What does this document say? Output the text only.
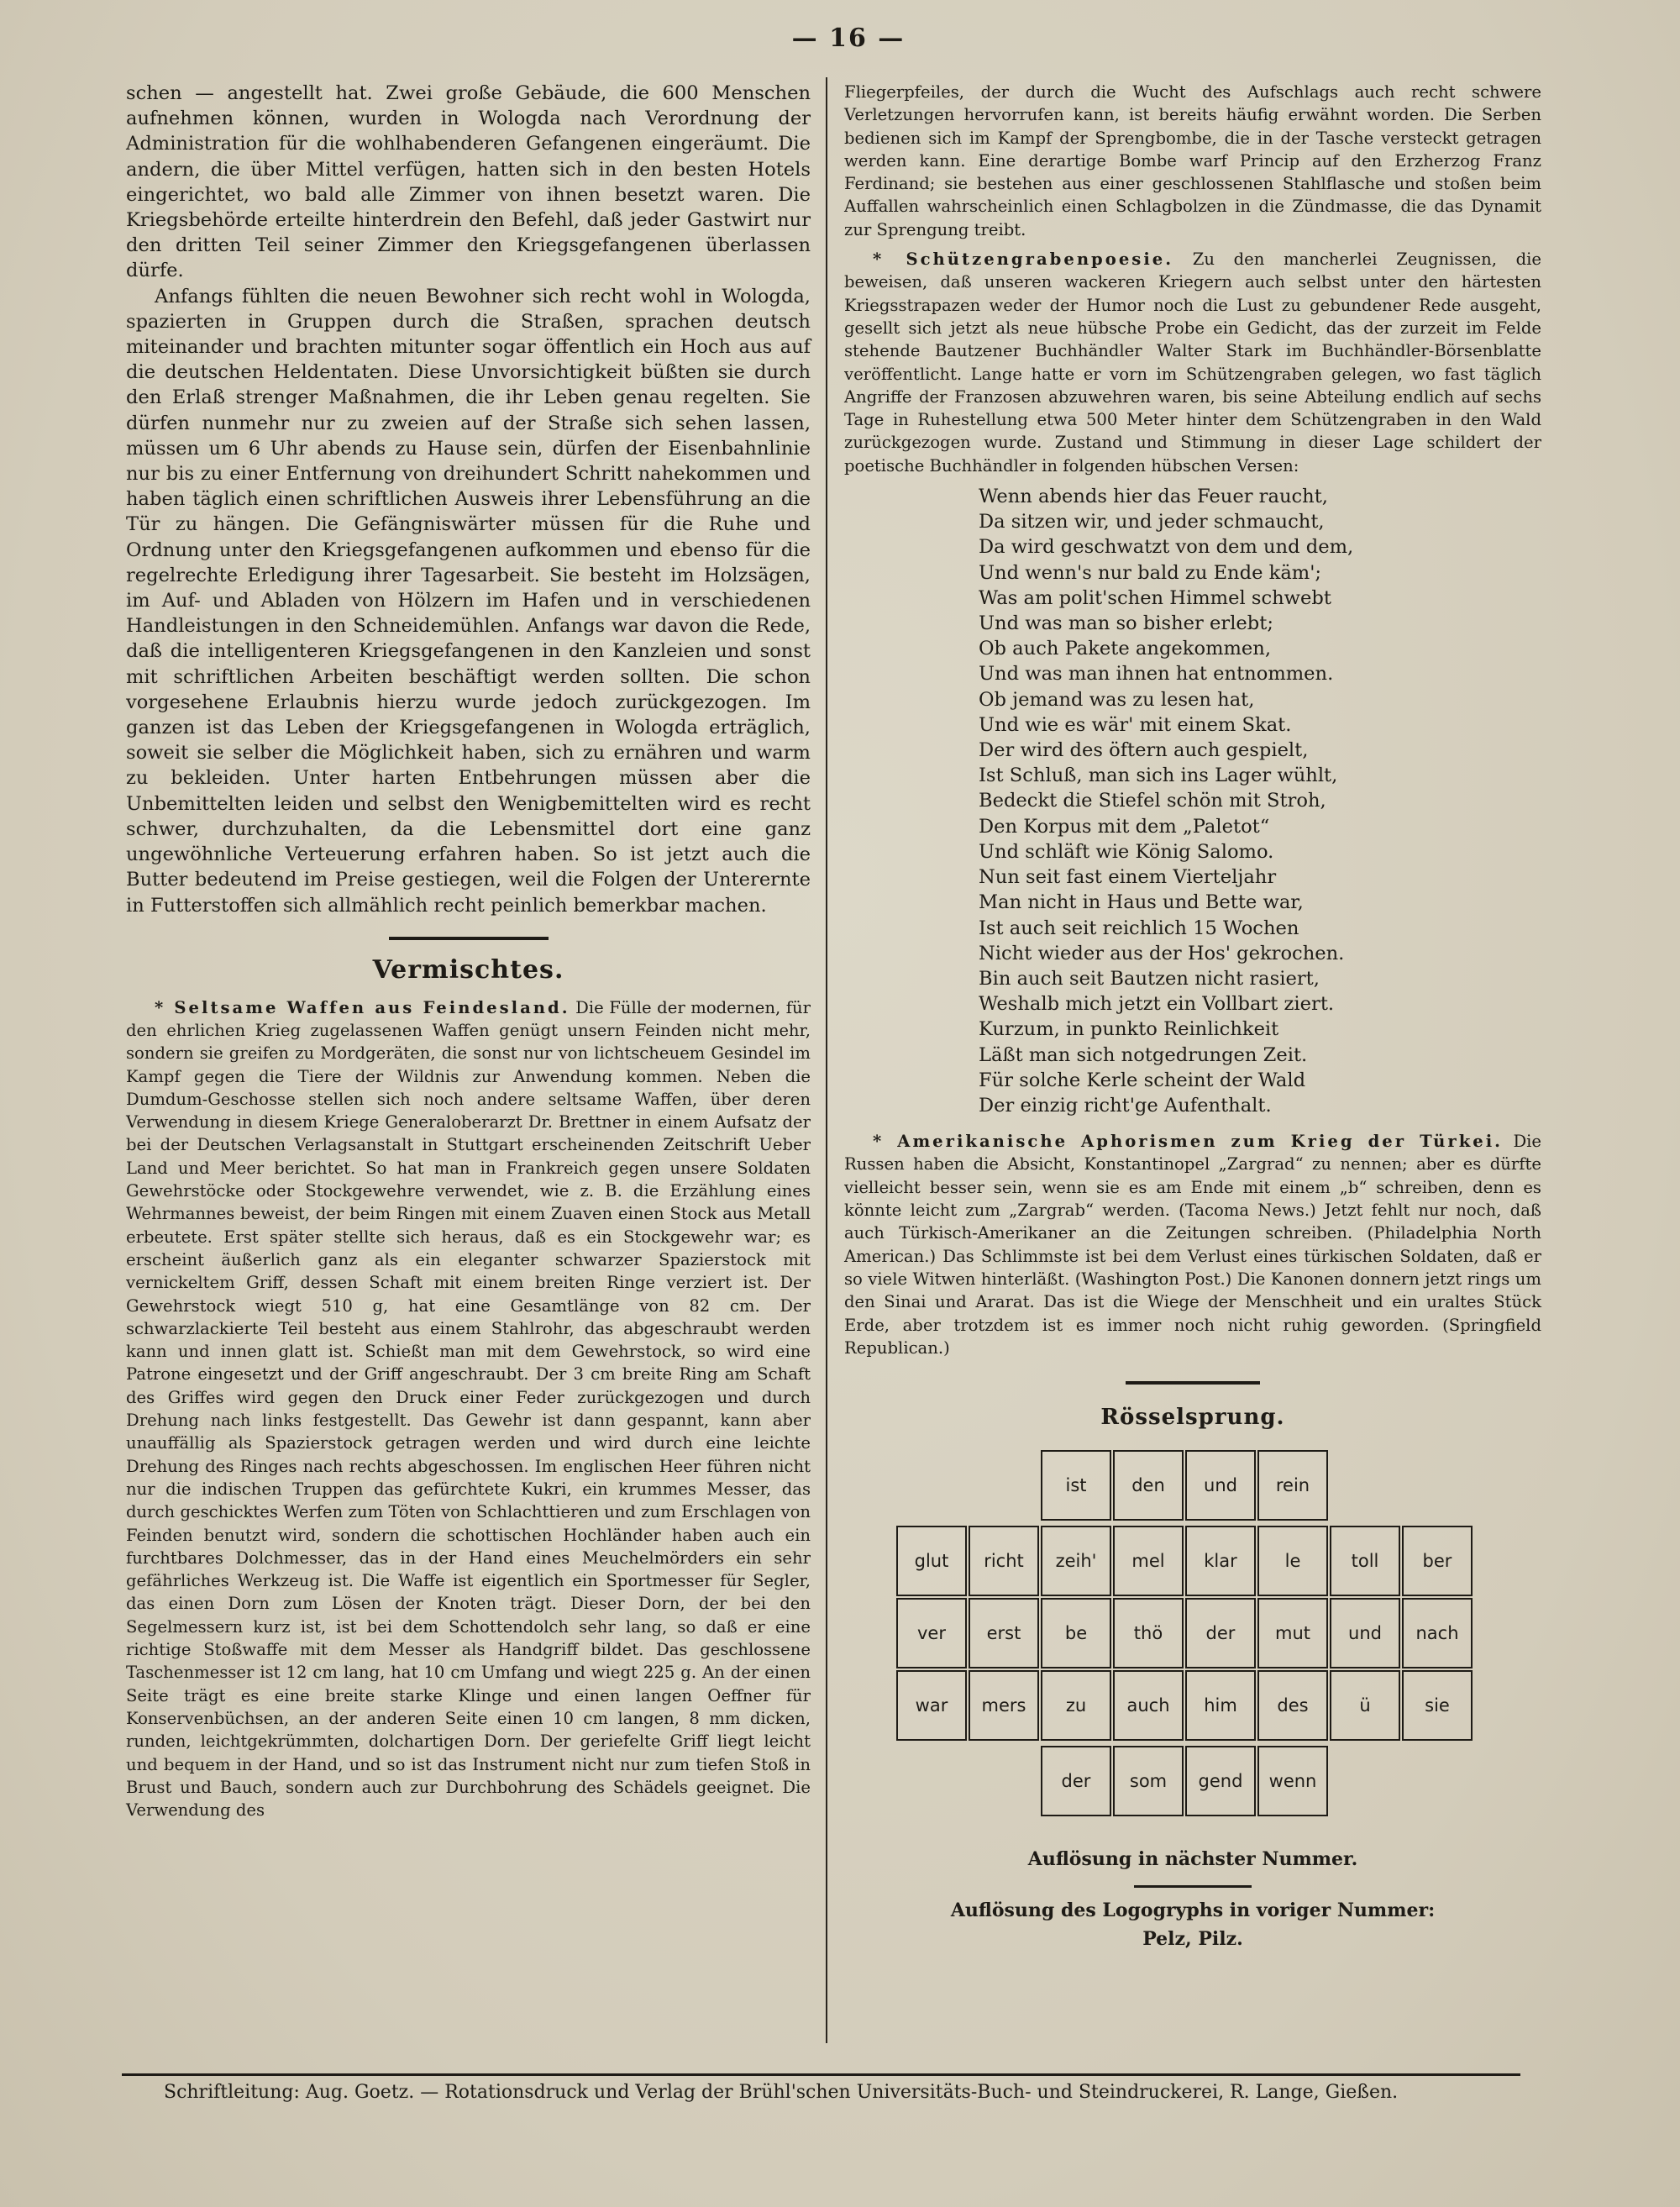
— 16 —

schen — angestellt hat. Zwei große Gebäude, die 600 Menschen aufnehmen können, wurden in Wologda nach Verordnung der Administration für die wohlhabenderen Gefangenen eingeräumt. Die andern, die über Mittel verfügen, hatten sich in den besten Hotels eingerichtet, wo bald alle Zimmer von ihnen besetzt waren. Die Kriegsbehörde erteilte hinterdrein den Befehl, daß jeder Gastwirt nur den dritten Teil seiner Zimmer den Kriegsgefangenen überlassen dürfe.

Anfangs fühlten die neuen Bewohner sich recht wohl in Wologda, spazierten in Gruppen durch die Straßen, sprachen deutsch miteinander und brachten mitunter sogar öffentlich ein Hoch aus auf die deutschen Heldentaten. Diese Unvorsichtigkeit büßten sie durch den Erlaß strenger Maßnahmen, die ihr Leben genau regelten. Sie dürfen nunmehr nur zu zweien auf der Straße sich sehen lassen, müssen um 6 Uhr abends zu Hause sein, dürfen der Eisenbahnlinie nur bis zu einer Entfernung von dreihundert Schritt nahekommen und haben täglich einen schriftlichen Ausweis ihrer Lebensführung an die Tür zu hängen. Die Gefängniswärter müssen für die Ruhe und Ordnung unter den Kriegsgefangenen aufkommen und ebenso für die regelrechte Erledigung ihrer Tagesarbeit. Sie besteht im Holzsägen, im Auf- und Abladen von Hölzern im Hafen und in verschiedenen Handleistungen in den Schneidemühlen. Anfangs war davon die Rede, daß die intelligenteren Kriegsgefangenen in den Kanzleien und sonst mit schriftlichen Arbeiten beschäftigt werden sollten. Die schon vorgesehene Erlaubnis hierzu wurde jedoch zurückgezogen. Im ganzen ist das Leben der Kriegsgefangenen in Wologda erträglich, soweit sie selber die Möglichkeit haben, sich zu ernähren und warm zu bekleiden. Unter harten Entbehrungen müssen aber die Unbemittelten leiden und selbst den Wenigbemittelten wird es recht schwer, durchzuhalten, da die Lebensmittel dort eine ganz ungewöhnliche Verteuerung erfahren haben. So ist jetzt auch die Butter bedeutend im Preise gestiegen, weil die Folgen der Unterernte in Futterstoffen sich allmählich recht peinlich bemerkbar machen.

Vermischtes.

* Seltsame Waffen aus Feindesland. Die Fülle der modernen, für den ehrlichen Krieg zugelassenen Waffen genügt unsern Feinden nicht mehr, sondern sie greifen zu Mordgeräten, die sonst nur von lichtscheuem Gesindel im Kampf gegen die Tiere der Wildnis zur Anwendung kommen. Neben die Dumdum-Geschosse stellen sich noch andere seltsame Waffen, über deren Verwendung in diesem Kriege Generaloberarzt Dr. Brettner in einem Aufsatz der bei der Deutschen Verlagsanstalt in Stuttgart erscheinenden Zeitschrift Ueber Land und Meer berichtet. So hat man in Frankreich gegen unsere Soldaten Gewehrstöcke oder Stockgewehre verwendet, wie z. B. die Erzählung eines Wehrmannes beweist, der beim Ringen mit einem Zuaven einen Stock aus Metall erbeutete. Erst später stellte sich heraus, daß es ein Stockgewehr war; es erscheint äußerlich ganz als ein eleganter schwarzer Spazierstock mit vernickeltem Griff, dessen Schaft mit einem breiten Ringe verziert ist. Der Gewehrstock wiegt 510 g, hat eine Gesamtlänge von 82 cm. Der schwarzlackierte Teil besteht aus einem Stahlrohr, das abgeschraubt werden kann und innen glatt ist. Schießt man mit dem Gewehrstock, so wird eine Patrone eingesetzt und der Griff angeschraubt. Der 3 cm breite Ring am Schaft des Griffes wird gegen den Druck einer Feder zurückgezogen und durch Drehung nach links festgestellt. Das Gewehr ist dann gespannt, kann aber unauffällig als Spazierstock getragen werden und wird durch eine leichte Drehung des Ringes nach rechts abgeschossen. Im englischen Heer führen nicht nur die indischen Truppen das gefürchtete Kukri, ein krummes Messer, das durch geschicktes Werfen zum Töten von Schlachttieren und zum Erschlagen von Feinden benutzt wird, sondern die schottischen Hochländer haben auch ein furchtbares Dolchmesser, das in der Hand eines Meuchelmörders ein sehr gefährliches Werkzeug ist. Die Waffe ist eigentlich ein Sportmesser für Segler, das einen Dorn zum Lösen der Knoten trägt. Dieser Dorn, der bei den Segelmessern kurz ist, ist bei dem Schottendolch sehr lang, so daß er eine richtige Stoßwaffe mit dem Messer als Handgriff bildet. Das geschlossene Taschenmesser ist 12 cm lang, hat 10 cm Umfang und wiegt 225 g. An der einen Seite trägt es eine breite starke Klinge und einen langen Oeffner für Konservenbüchsen, an der anderen Seite einen 10 cm langen, 8 mm dicken, runden, leichtgekrümmten, dolchartigen Dorn. Der geriefelte Griff liegt leicht und bequem in der Hand, und so ist das Instrument nicht nur zum tiefen Stoß in Brust und Bauch, sondern auch zur Durchbohrung des Schädels geeignet. Die Verwendung des

Fliegerpfeiles, der durch die Wucht des Aufschlags auch recht schwere Verletzungen hervorrufen kann, ist bereits häufig erwähnt worden. Die Serben bedienen sich im Kampf der Sprengbombe, die in der Tasche versteckt getragen werden kann. Eine derartige Bombe warf Princip auf den Erzherzog Franz Ferdinand; sie bestehen aus einer geschlossenen Stahlflasche und stoßen beim Auffallen wahrscheinlich einen Schlagbolzen in die Zündmasse, die das Dynamit zur Sprengung treibt.

* Schützengrabenpoesie. Zu den mancherlei Zeugnissen, die beweisen, daß unseren wackeren Kriegern auch selbst unter den härtesten Kriegsstrapazen weder der Humor noch die Lust zu gebundener Rede ausgeht, gesellt sich jetzt als neue hübsche Probe ein Gedicht, das der zurzeit im Felde stehende Bautzener Buchhändler Walter Stark im Buchhändler-Börsenblatte veröffentlicht. Lange hatte er vorn im Schützengraben gelegen, wo fast täglich Angriffe der Franzosen abzuwehren waren, bis seine Abteilung endlich auf sechs Tage in Ruhestellung etwa 500 Meter hinter dem Schützengraben in den Wald zurückgezogen wurde. Zustand und Stimmung in dieser Lage schildert der poetische Buchhändler in folgenden hübschen Versen:

Wenn abends hier das Feuer raucht,
Da sitzen wir, und jeder schmaucht,
Da wird geschwatzt von dem und dem,
Und wenn's nur bald zu Ende käm';
Was am polit'schen Himmel schwebt
Und was man so bisher erlebt;
Ob auch Pakete angekommen,
Und was man ihnen hat entnommen.
Ob jemand was zu lesen hat,
Und wie es wär' mit einem Skat.
Der wird des öftern auch gespielt,
Ist Schluß, man sich ins Lager wühlt,
Bedeckt die Stiefel schön mit Stroh,
Den Korpus mit dem „Paletot“
Und schläft wie König Salomo.
Nun seit fast einem Vierteljahr
Man nicht in Haus und Bette war,
Ist auch seit reichlich 15 Wochen
Nicht wieder aus der Hos' gekrochen.
Bin auch seit Bautzen nicht rasiert,
Weshalb mich jetzt ein Vollbart ziert.
Kurzum, in punkto Reinlichkeit
Läßt man sich notgedrungen Zeit.
Für solche Kerle scheint der Wald
Der einzig richt'ge Aufenthalt.

* Amerikanische Aphorismen zum Krieg der Türkei. Die Russen haben die Absicht, Konstantinopel „Zargrad“ zu nennen; aber es dürfte vielleicht besser sein, wenn sie es am Ende mit einem „b“ schreiben, denn es könnte leicht zum „Zargrab“ werden. (Tacoma News.) Jetzt fehlt nur noch, daß auch Türkisch-Amerikaner an die Zeitungen schreiben. (Philadelphia North American.) Das Schlimmste ist bei dem Verlust eines türkischen Soldaten, daß er so viele Witwen hinterläßt. (Washington Post.) Die Kanonen donnern jetzt rings um den Sinai und Ararat. Das ist die Wiege der Menschheit und ein uraltes Stück Erde, aber trotzdem ist es immer noch nicht ruhig geworden. (Springfield Republican.)

Rösselsprung.
ist	den	und	rein
glut	richt	zeih'	mel	klar	le	toll	ber
ver	erst	be	thö	der	mut	und	nach
war	mers	zu	auch	him	des	ü	sie
der	som	gend	wenn
Auflösung in nächster Nummer.
Auflösung des Logogryphs in voriger Nummer:
Pelz, Pilz.
Schriftleitung: Aug. Goetz. — Rotationsdruck und Verlag der Brühl'schen Universitäts-Buch- und Steindruckerei, R. Lange, Gießen.
